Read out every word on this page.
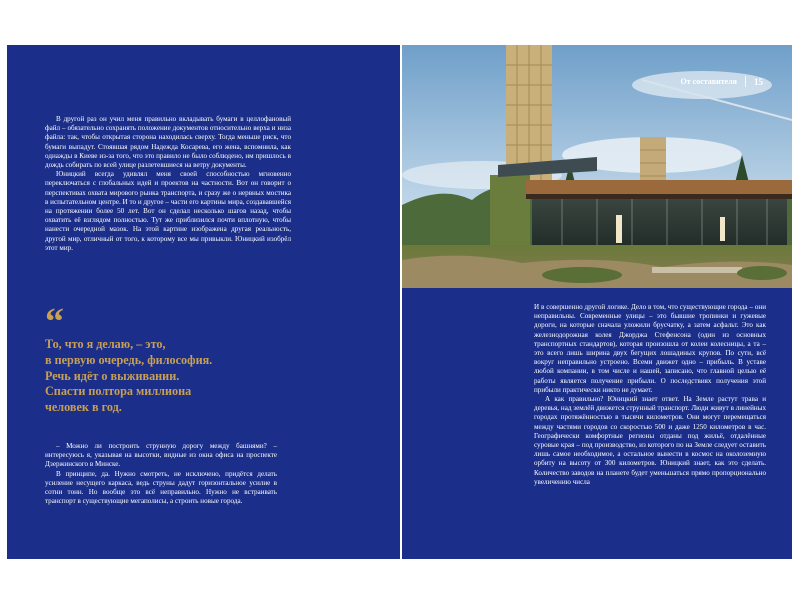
В другой раз он учил меня правильно вкладывать бумаги в целлофановый файл – обязательно сохранять положение документов относительно верха и низа файла: так, чтобы открытая сторона находилась сверху. Тогда меньше риск, что бумаги выпадут. Стоявшая рядом Надежда Косарева, его жена, вспомнила, как однажды в Киеве из-за того, что это правило не было соблюдено, им пришлось в дождь собирать по всей улице разлетевшиеся на ветру документы.

Юницкий всегда удивлял меня своей способностью мгновенно переключаться с глобальных идей и проектов на частности. Вот он говорит о перспективах охвата мирового рынка транспорта, и сразу же о нервных мостика в испытательном центре. И то и другое – части его картины мира, создававшейся на протяжении более 50 лет. Вот он сделал несколько шагов назад, чтобы охватить её взглядом полностью. Тут же приблизился почти вплотную, чтобы нанести очередной мазок. На этой картине изображена другая реальность, другой мир, отличный от того, к которому все мы привыкли. Юницкий изобрёл этот мир.

“
То, что я делаю, – это,
в первую очередь, философия.
Речь идёт о выживании.
Спасти полтора миллиона
человек в год.

– Можно ли построить струнную дорогу между башнями? – интересуюсь я, указывая на высотки, видные из окна офиса на проспекте Дзержинского в Минске.

В принципе, да. Нужно смотреть, не исключено, придётся делать усиление несущего каркаса, ведь струны дадут горизонтальное усилие в сотни тонн. Но вообще это всё неправильно. Нужно не встраивать транспорт в существующие мегаполисы, а строить новые города.

От составителя 15

И в совершенно другой логике. Дело в том, что существующие города – они неправильны. Современные улицы – это бывшие тропинки и гужевые дороги, на которые сначала уложили брусчатку, а затем асфальт. Это как железнодорожная колея Джорджа Стефенсона (один из основных транспортных стандартов), которая произошла от колеи колесницы, а та – это всего лишь ширина двух бегущих лошадиных крупов. По сути, всё вокруг неправильно устроено. Всеми движет одно – прибыль. В уставе любой компании, в том числе и нашей, записано, что главной целью её работы является получение прибыли. О последствиях получения этой прибыли практически никто не думает.

А как правильно? Юницкий знает ответ. На Земле растут трава и деревья, над землёй движется струнный транспорт. Люди живут в линейных городах протяжённостью в тысячи километров. Они могут перемещаться между частями городов со скоростью 500 и даже 1250 километров в час. Географически комфортные регионы отданы под жильё, отдалённые суровые края – под производство, из которого по на Земле следует оставить лишь самое необходимое, а остальное вынести в космос на околоземную орбиту на высоту от 300 километров. Юницкий знает, как это сделать. Количество заводов на планете будет уменьшаться прямо пропорционально увеличению числа
